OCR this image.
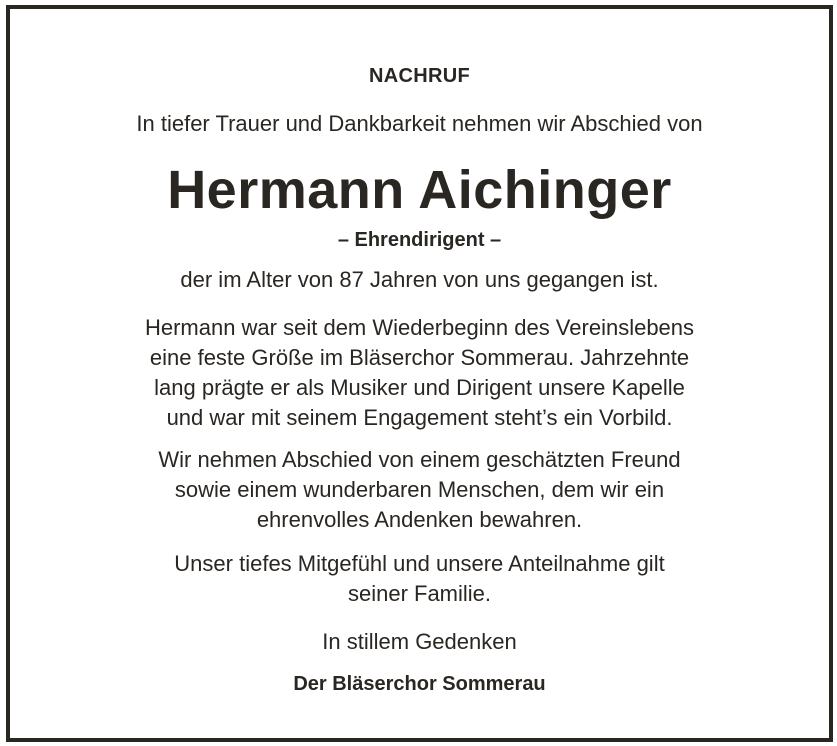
NACHRUF
In tiefer Trauer und Dankbarkeit nehmen wir Abschied von
Hermann Aichinger
– Ehrendirigent –
der im Alter von 87 Jahren von uns gegangen ist.
Hermann war seit dem Wiederbeginn des Vereinslebens
eine feste Größe im Bläserchor Sommerau. Jahrzehnte
lang prägte er als Musiker und Dirigent unsere Kapelle
und war mit seinem Engagement steht’s ein Vorbild.
Wir nehmen Abschied von einem geschätzten Freund
sowie einem wunderbaren Menschen, dem wir ein
ehrenvolles Andenken bewahren.
Unser tiefes Mitgefühl und unsere Anteilnahme gilt
seiner Familie.
In stillem Gedenken
Der Bläserchor Sommerau
